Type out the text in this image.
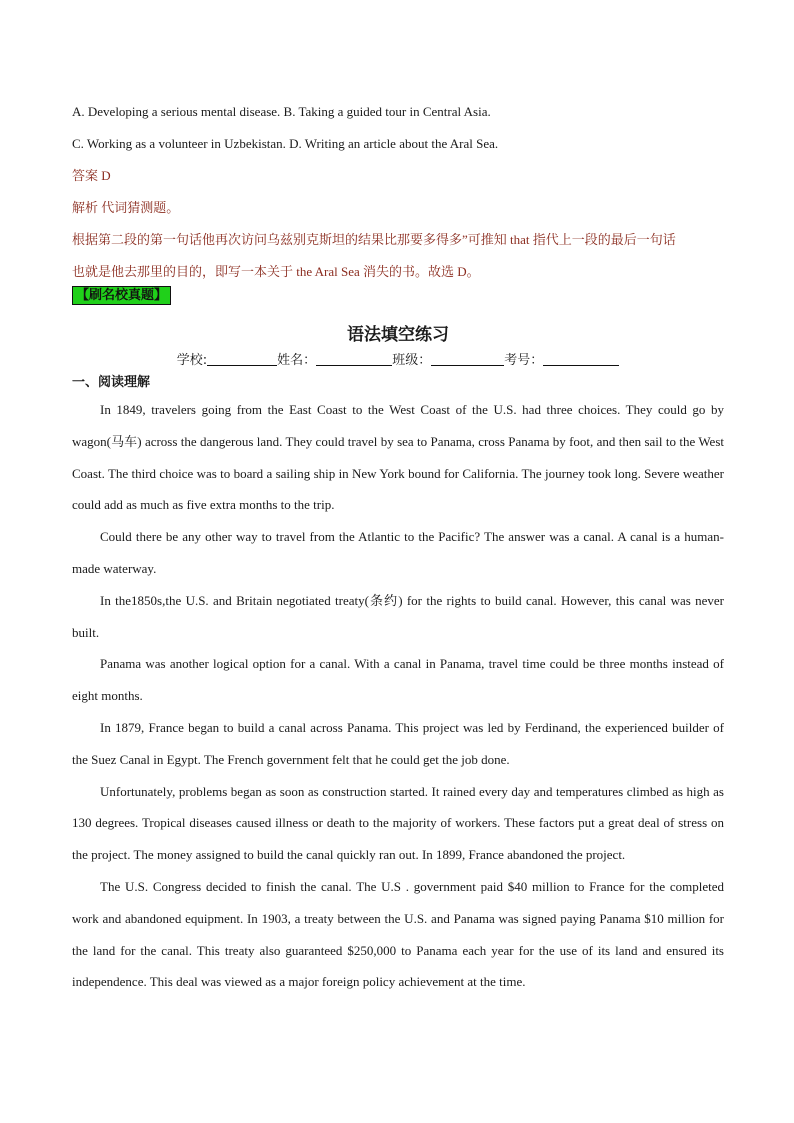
A. Developing a serious mental disease. B. Taking a guided tour in Central Asia.
C. Working as a volunteer in Uzbekistan. D. Writing an article about the Aral Sea.
答案 D
解析 代词猜测题。
根据第二段的第一句话他再次访问乌兹别克斯坦的结果比那要多得多”可推知 that 指代上一段的最后一句话
也就是他去那里的目的，即写一本关于 the Aral Sea 消失的书。故选 D。
【刷名校真题】
语法填空练习
学校:	姓名：	班级：	考号：
一、阅读理解

In 1849, travelers going from the East Coast to the West Coast of the U.S. had three choices. They could go by wagon(马车) across the dangerous land. They could travel by sea to Panama, cross Panama by foot, and then sail to the West Coast. The third choice was to board a sailing ship in New York bound for California. The journey took long. Severe weather could add as much as five extra months to the trip.

Could there be any other way to travel from the Atlantic to the Pacific? The answer was a canal. A canal is a human-made waterway.

In the1850s,the U.S. and Britain negotiated treaty(条约) for the rights to build canal. However, this canal was never built.

Panama was another logical option for a canal. With a canal in Panama, travel time could be three months instead of eight months.

In 1879, France began to build a canal across Panama. This project was led by Ferdinand, the experienced builder of the Suez Canal in Egypt. The French government felt that he could get the job done.

Unfortunately, problems began as soon as construction started. It rained every day and temperatures climbed as high as 130 degrees. Tropical diseases caused illness or death to the majority of workers. These factors put a great deal of stress on the project. The money assigned to build the canal quickly ran out. In 1899, France abandoned the project.

The U.S. Congress decided to finish the canal. The U.S . government paid $40 million to France for the completed work and abandoned equipment. In 1903, a treaty between the U.S. and Panama was signed paying Panama $10 million for the land for the canal. This treaty also guaranteed $250,000 to Panama each year for the use of its land and ensured its independence. This deal was viewed as a major foreign policy achievement at the time.
